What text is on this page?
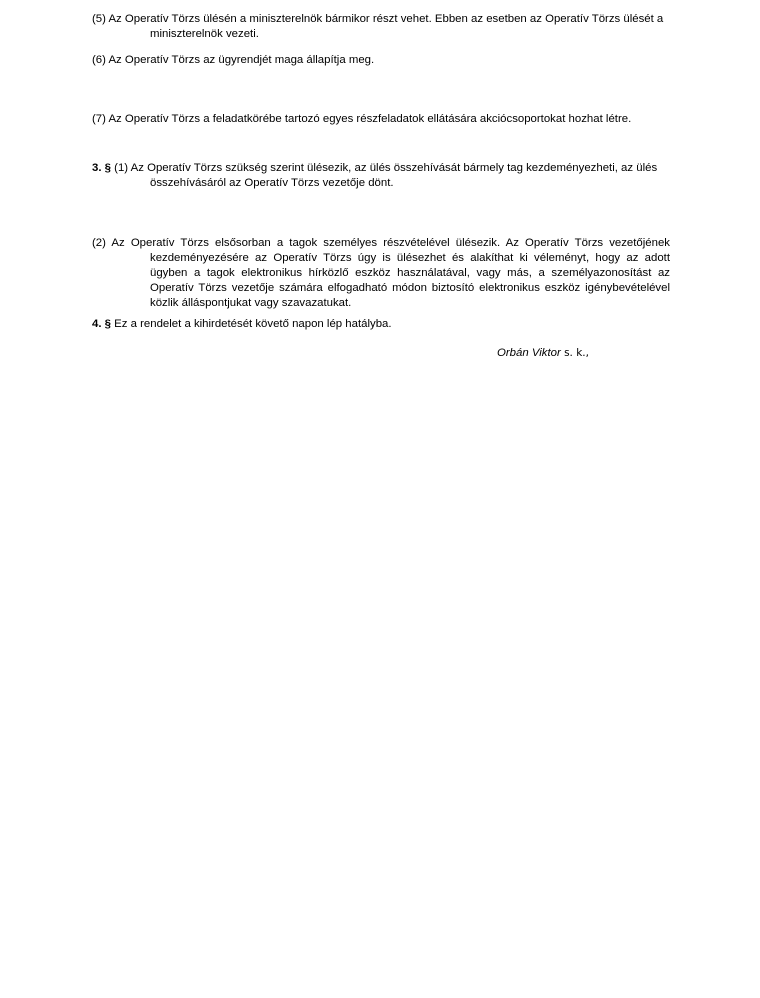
(5) Az Operatív Törzs ülésén a miniszterelnök bármikor részt vehet. Ebben az esetben az Operatív Törzs ülését a
miniszterelnök vezeti.

(6) Az Operatív Törzs az ügyrendjét maga állapítja meg.

(7) Az Operatív Törzs a feladatkörébe tartozó egyes részfeladatok ellátására akciócsoportokat hozhat létre.

3. § (1) Az Operatív Törzs szükség szerint ülésezik, az ülés összehívását bármely tag kezdeményezheti, az ülés
összehívásáról az Operatív Törzs vezetője dönt.

(2) Az Operatív Törzs elsősorban a tagok személyes részvételével ülésezik. Az Operatív Törzs vezetőjének
kezdeményezésére az Operatív Törzs úgy is ülésezhet és alakíthat ki véleményt, hogy az adott
ügyben a tagok elektronikus hírközlő eszköz használatával, vagy más, a személyazonosítást az
Operatív Törzs vezetője számára elfogadható módon biztosító elektronikus eszköz igénybevételével
közlik álláspontjukat vagy szavazatukat.

4. § Ez a rendelet a kihirdetését követő napon lép hatályba.

Orbán Viktor s. k.,
